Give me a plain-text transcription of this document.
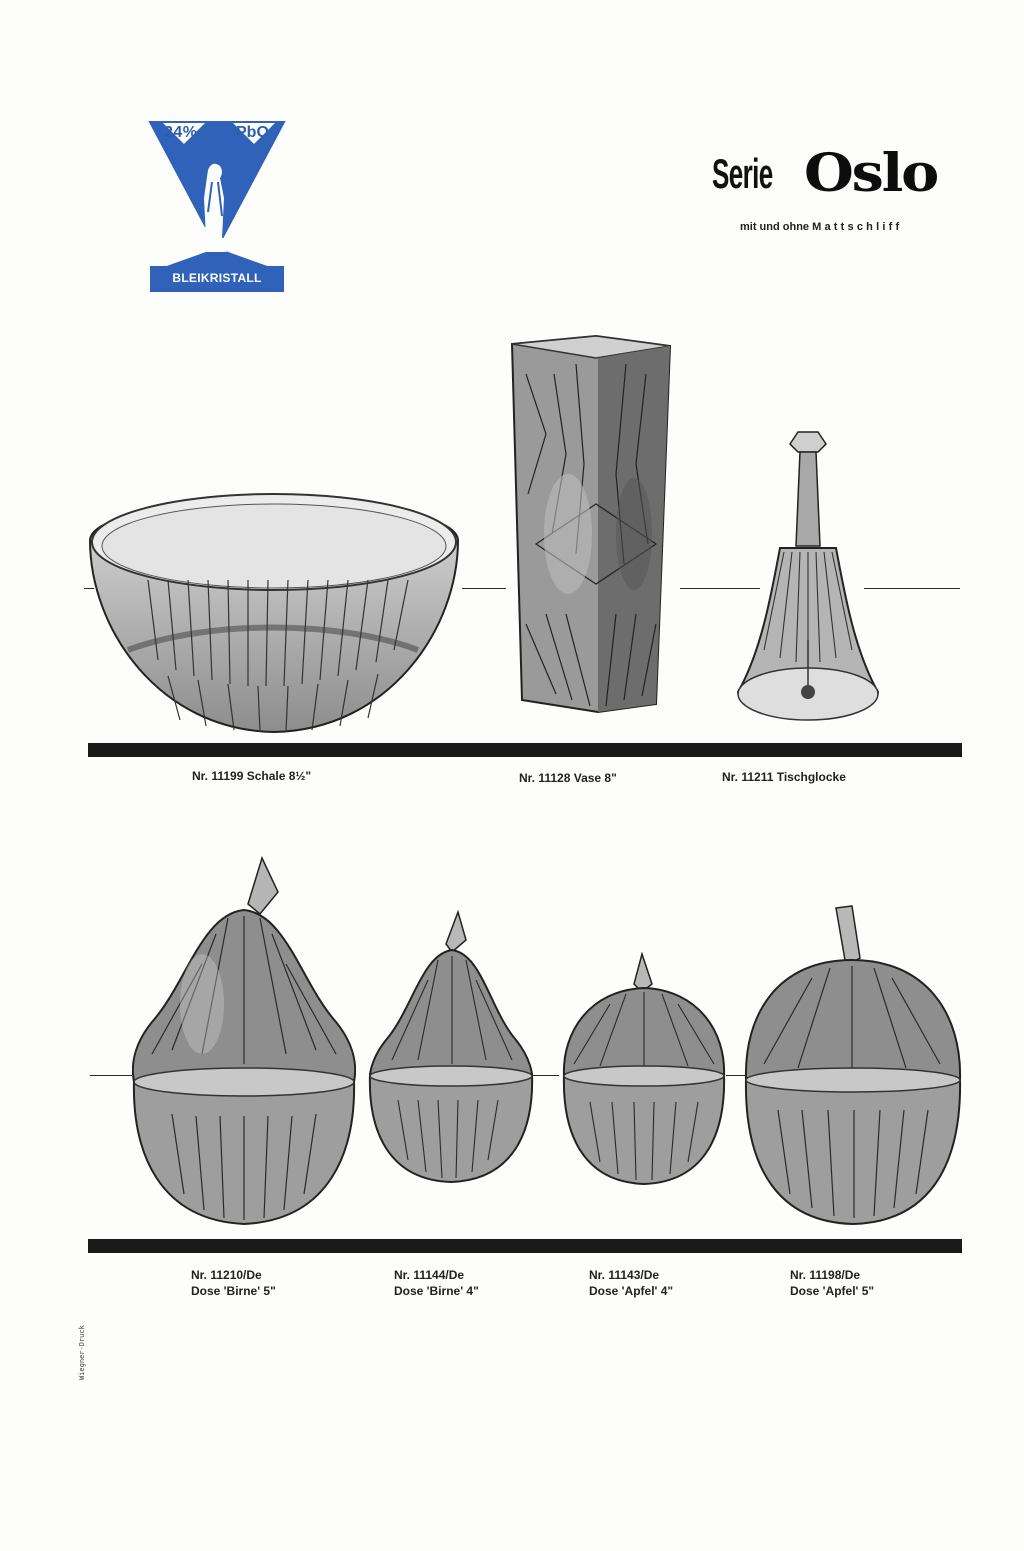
24% PbO
BLEIKRISTALL
Serie Oslo
mit und ohne Mattschliff
Nr. 11199 Schale 8½"	Nr. 11128 Vase 8"	Nr. 11211 Tischglocke
Nr. 11210/De
Dose 'Birne' 5"
Nr. 11144/De
Dose 'Birne' 4"
Nr. 11143/De
Dose 'Apfel' 4"
Nr. 11198/De
Dose 'Apfel' 5"
Wiegner-Druck
